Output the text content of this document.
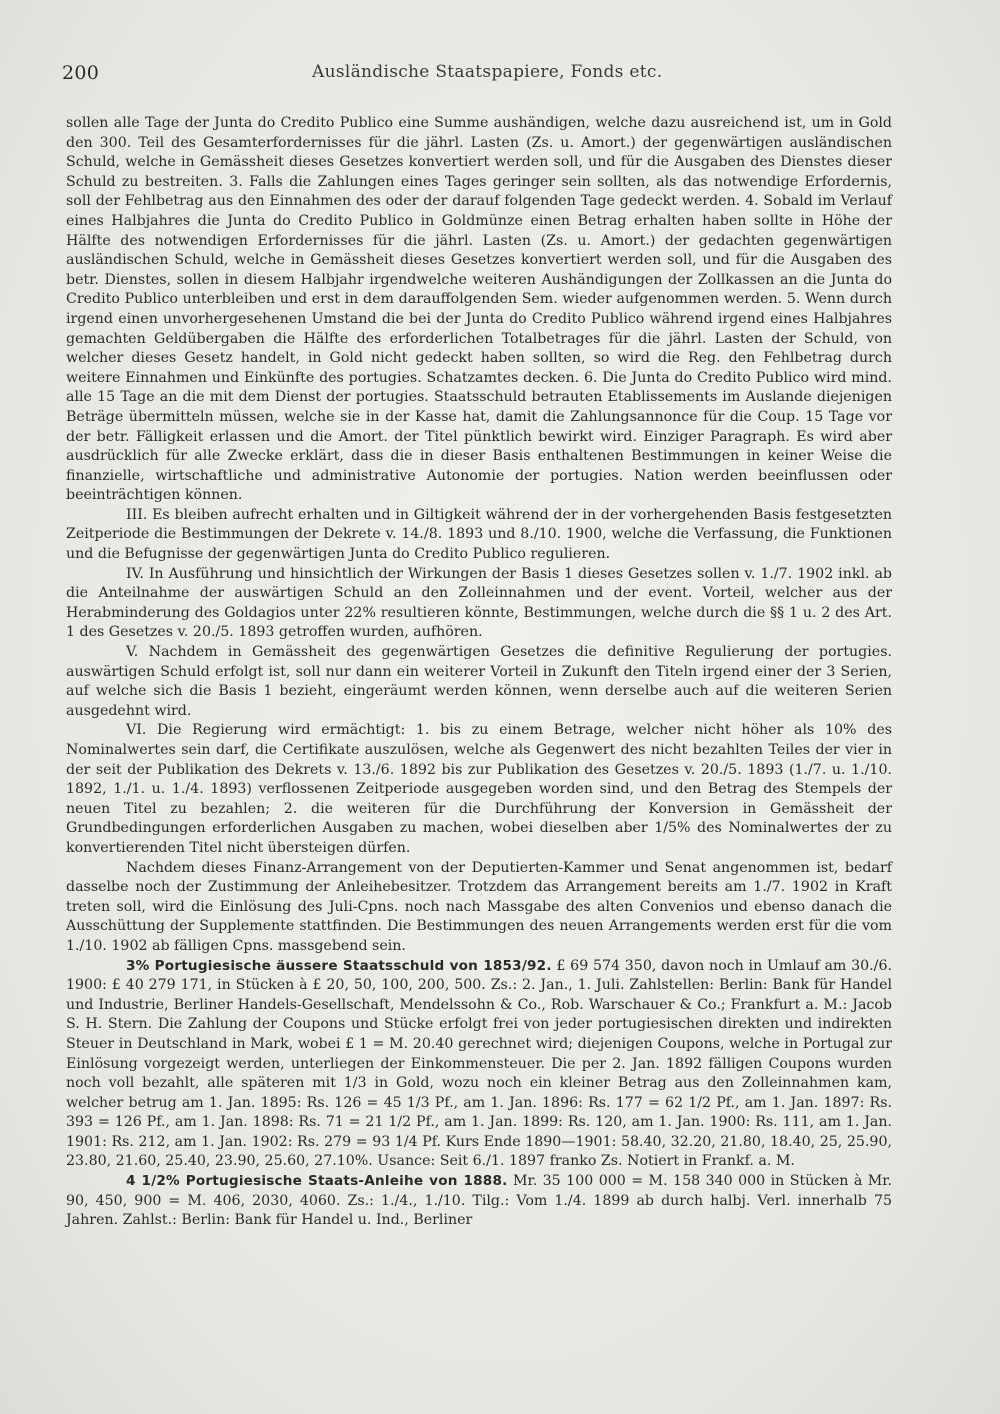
200	Ausländische Staatspapiere, Fonds etc.

sollen alle Tage der Junta do Credito Publico eine Summe aushändigen, welche dazu ausreichend ist, um in Gold den 300. Teil des Gesamterfordernisses für die jährl. Lasten (Zs. u. Amort.) der gegenwärtigen ausländischen Schuld, welche in Gemässheit dieses Gesetzes konvertiert werden soll, und für die Ausgaben des Dienstes dieser Schuld zu bestreiten. 3. Falls die Zahlungen eines Tages geringer sein sollten, als das notwendige Erfordernis, soll der Fehlbetrag aus den Einnahmen des oder der darauf folgenden Tage gedeckt werden. 4. Sobald im Verlauf eines Halbjahres die Junta do Credito Publico in Goldmünze einen Betrag erhalten haben sollte in Höhe der Hälfte des notwendigen Erfordernisses für die jährl. Lasten (Zs. u. Amort.) der gedachten gegenwärtigen ausländischen Schuld, welche in Gemässheit dieses Gesetzes konvertiert werden soll, und für die Ausgaben des betr. Dienstes, sollen in diesem Halbjahr irgendwelche weiteren Aushändigungen der Zollkassen an die Junta do Credito Publico unterbleiben und erst in dem darauffolgenden Sem. wieder aufgenommen werden. 5. Wenn durch irgend einen unvorhergesehenen Umstand die bei der Junta do Credito Publico während irgend eines Halbjahres gemachten Geldübergaben die Hälfte des erforderlichen Totalbetrages für die jährl. Lasten der Schuld, von welcher dieses Gesetz handelt, in Gold nicht gedeckt haben sollten, so wird die Reg. den Fehlbetrag durch weitere Einnahmen und Einkünfte des portugies. Schatzamtes decken. 6. Die Junta do Credito Publico wird mind. alle 15 Tage an die mit dem Dienst der portugies. Staatsschuld betrauten Etablissements im Auslande diejenigen Beträge übermitteln müssen, welche sie in der Kasse hat, damit die Zahlungsannonce für die Coup. 15 Tage vor der betr. Fälligkeit erlassen und die Amort. der Titel pünktlich bewirkt wird. Einziger Paragraph. Es wird aber ausdrücklich für alle Zwecke erklärt, dass die in dieser Basis enthaltenen Bestimmungen in keiner Weise die finanzielle, wirtschaftliche und administrative Autonomie der portugies. Nation werden beeinflussen oder beeinträchtigen können.

III. Es bleiben aufrecht erhalten und in Giltigkeit während der in der vorhergehenden Basis festgesetzten Zeitperiode die Bestimmungen der Dekrete v. 14./8. 1893 und 8./10. 1900, welche die Verfassung, die Funktionen und die Befugnisse der gegenwärtigen Junta do Credito Publico regulieren.

IV. In Ausführung und hinsichtlich der Wirkungen der Basis 1 dieses Gesetzes sollen v. 1./7. 1902 inkl. ab die Anteilnahme der auswärtigen Schuld an den Zolleinnahmen und der event. Vorteil, welcher aus der Herabminderung des Goldagios unter 22% resultieren könnte, Bestimmungen, welche durch die §§ 1 u. 2 des Art. 1 des Gesetzes v. 20./5. 1893 getroffen wurden, aufhören.

V. Nachdem in Gemässheit des gegenwärtigen Gesetzes die definitive Regulierung der portugies. auswärtigen Schuld erfolgt ist, soll nur dann ein weiterer Vorteil in Zukunft den Titeln irgend einer der 3 Serien, auf welche sich die Basis 1 bezieht, eingeräumt werden können, wenn derselbe auch auf die weiteren Serien ausgedehnt wird.

VI. Die Regierung wird ermächtigt: 1. bis zu einem Betrage, welcher nicht höher als 10% des Nominalwertes sein darf, die Certifikate auszulösen, welche als Gegenwert des nicht bezahlten Teiles der vier in der seit der Publikation des Dekrets v. 13./6. 1892 bis zur Publikation des Gesetzes v. 20./5. 1893 (1./7. u. 1./10. 1892, 1./1. u. 1./4. 1893) verflossenen Zeitperiode ausgegeben worden sind, und den Betrag des Stempels der neuen Titel zu bezahlen; 2. die weiteren für die Durchführung der Konversion in Gemässheit der Grundbedingungen erforderlichen Ausgaben zu machen, wobei dieselben aber 1/5% des Nominalwertes der zu konvertierenden Titel nicht übersteigen dürfen.

Nachdem dieses Finanz-Arrangement von der Deputierten-Kammer und Senat angenommen ist, bedarf dasselbe noch der Zustimmung der Anleihebesitzer. Trotzdem das Arrangement bereits am 1./7. 1902 in Kraft treten soll, wird die Einlösung des Juli-Cpns. noch nach Massgabe des alten Convenios und ebenso danach die Ausschüttung der Supplemente stattfinden. Die Bestimmungen des neuen Arrangements werden erst für die vom 1./10. 1902 ab fälligen Cpns. massgebend sein.

3% Portugiesische äussere Staatsschuld von 1853/92. £ 69 574 350, davon noch in Umlauf am 30./6. 1900: £ 40 279 171, in Stücken à £ 20, 50, 100, 200, 500. Zs.: 2. Jan., 1. Juli. Zahlstellen: Berlin: Bank für Handel und Industrie, Berliner Handels-Gesellschaft, Mendelssohn & Co., Rob. Warschauer & Co.; Frankfurt a. M.: Jacob S. H. Stern. Die Zahlung der Coupons und Stücke erfolgt frei von jeder portugiesischen direkten und indirekten Steuer in Deutschland in Mark, wobei £ 1 = M. 20.40 gerechnet wird; diejenigen Coupons, welche in Portugal zur Einlösung vorgezeigt werden, unterliegen der Einkommensteuer. Die per 2. Jan. 1892 fälligen Coupons wurden noch voll bezahlt, alle späteren mit 1/3 in Gold, wozu noch ein kleiner Betrag aus den Zolleinnahmen kam, welcher betrug am 1. Jan. 1895: Rs. 126 = 45 1/3 Pf., am 1. Jan. 1896: Rs. 177 = 62 1/2 Pf., am 1. Jan. 1897: Rs. 393 = 126 Pf., am 1. Jan. 1898: Rs. 71 = 21 1/2 Pf., am 1. Jan. 1899: Rs. 120, am 1. Jan. 1900: Rs. 111, am 1. Jan. 1901: Rs. 212, am 1. Jan. 1902: Rs. 279 = 93 1/4 Pf. Kurs Ende 1890—1901: 58.40, 32.20, 21.80, 18.40, 25, 25.90, 23.80, 21.60, 25.40, 23.90, 25.60, 27.10%. Usance: Seit 6./1. 1897 franko Zs. Notiert in Frankf. a. M.

4 1/2% Portugiesische Staats-Anleihe von 1888. Mr. 35 100 000 = M. 158 340 000 in Stücken à Mr. 90, 450, 900 = M. 406, 2030, 4060. Zs.: 1./4., 1./10. Tilg.: Vom 1./4. 1899 ab durch halbj. Verl. innerhalb 75 Jahren. Zahlst.: Berlin: Bank für Handel u. Ind., Berliner
